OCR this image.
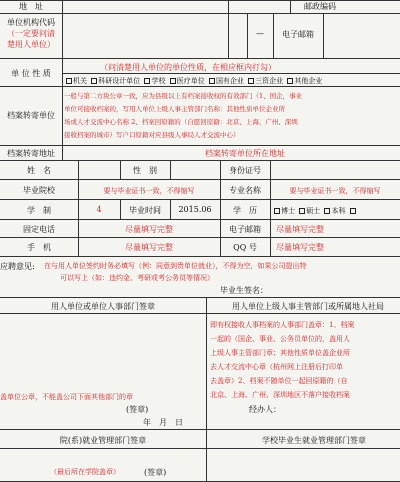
地　址	邮政编码
单位机构代码
（一定要问清
楚用人单位）
—	电子邮箱
（问清楚用人单位的单位性质，在相应框内打勾）
单 位 性 质
机关 科研设计单位 学校 医疗单位 国有企业 三资企业 其他企业
档案转寄单位
一般与第二方块公章一致，应为县级以上有档案接收权的有效部门（1、国企，事业
单位可接收档案的，写用人单位上级人事主管部门名称：其他性质单位企业所
场或人才交流中心名称 2、档案回原籍的（自愿回原籍：北京、上海、广州、深圳
接收档案的城市）写户口原籍对应县级人事局人才交流中心）
档案转寄地址	档案转寄单位所在地址
姓　名	性　别	身份证号
毕业院校	要与毕业证书一致，不得缩写	专业名称	要与毕业证书一致，不得缩写
学　制	4	毕业时间	2015.06	学　历	博士 硕士 本科
固定电话	尽量填写完整	电子邮箱	尽量填写完整
手　机	尽量填写完整	QQ 号	尽量填写完整
应聘意见: 在与用人单位签约时务必填写（例：同意到贵单位就业），不得为空，如果公司提出特
可以写上（如：违约金、考研或考公务员等情况）
毕业生签名：
用人单位或单位人事部门签章	用人单位上级人事主管部门或所属地人社局
即有权接收人事档案的人事部门盖章：1、档案
一起的（国企、事业、公务员单位的，盖用人
上级人事主管部门章；其他性质单位盖企业所
去人才交流中心章（杭州网上注册后打印单
去盖章）2、档案不随单位一起回原籍的（自
北京、上海、广州、深圳地区不落户接收档案
盖单位公章，不能盖公司下面其他部门的章
(签章)
年　月　日
经办人：
院(系)就业管理部门签章	学校毕业生就业管理部门签章
（最后所在学院盖章）	(签章)
